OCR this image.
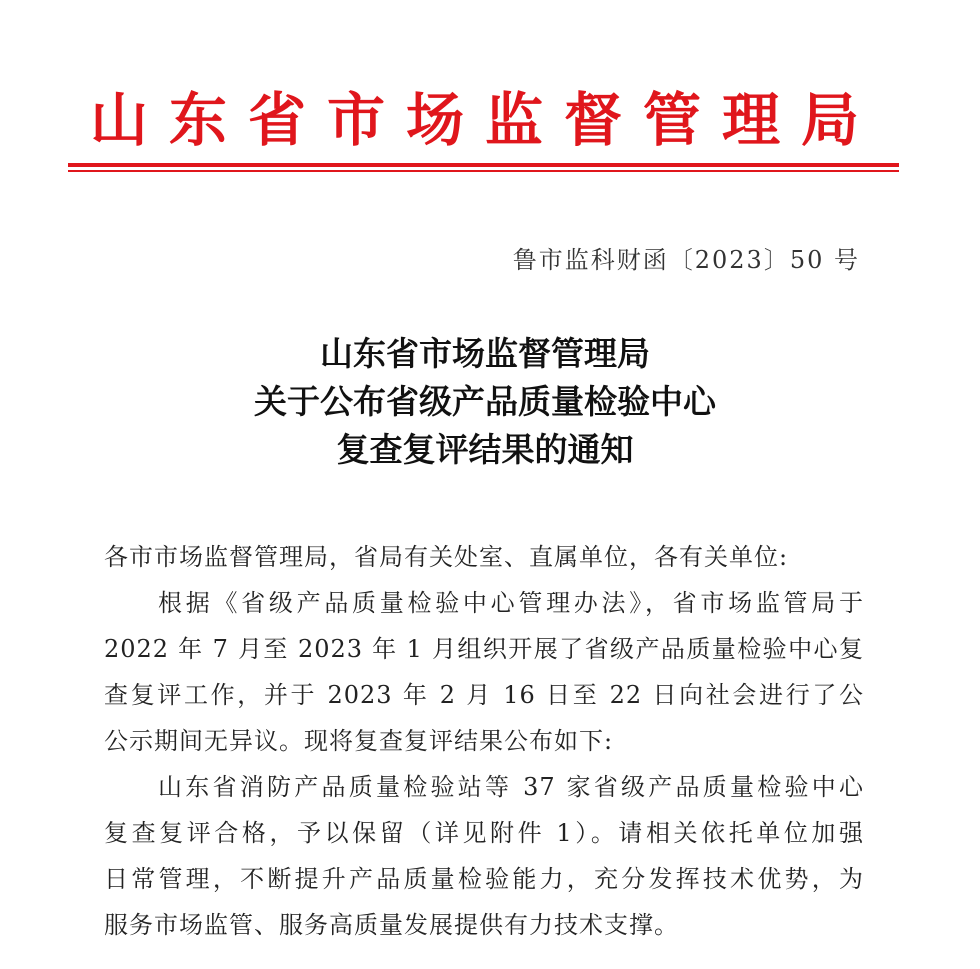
山东省市场监督管理局
鲁市监科财函〔2023〕50 号
山东省市场监督管理局
关于公布省级产品质量检验中心
复查复评结果的通知
各市市场监督管理局，省局有关处室、直属单位，各有关单位:
根据《省级产品质量检验中心管理办法》，省市场监管局于
2022 年 7 月至 2023 年 1 月组织开展了省级产品质量检验中心复
查复评工作，并于 2023 年 2 月 16 日至 22 日向社会进行了公
公示期间无异议。现将复查复评结果公布如下:
山东省消防产品质量检验站等 37 家省级产品质量检验中心
复查复评合格，予以保留（详见附件 1）。请相关依托单位加强
日常管理，不断提升产品质量检验能力，充分发挥技术优势，为
服务市场监管、服务高质量发展提供有力技术支撑。
